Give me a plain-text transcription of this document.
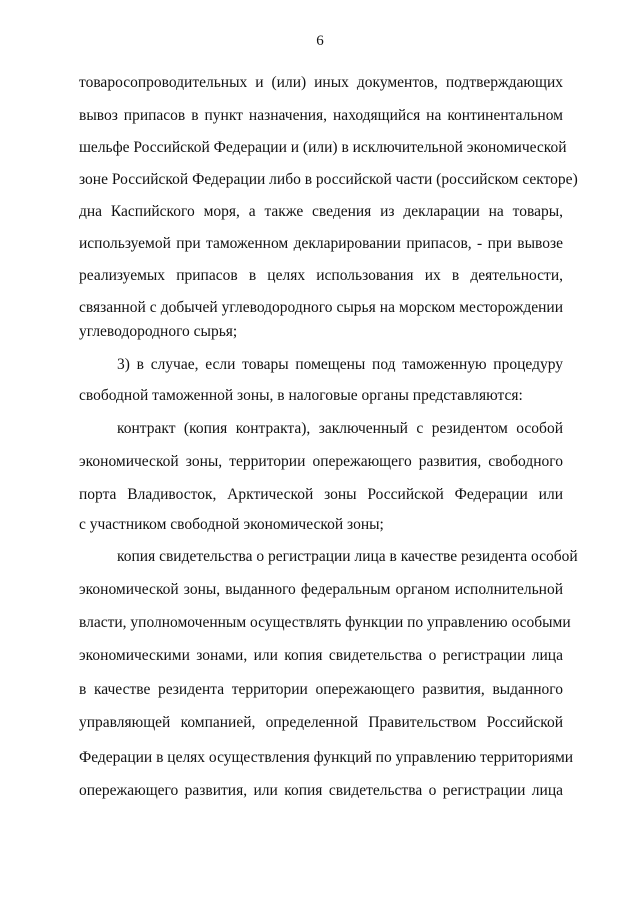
6
товаросопроводительных и (или) иных документов, подтверждающих
вывоз припасов в пункт назначения, находящийся на континентальном
шельфе Российской Федерации и (или) в исключительной экономической
зоне Российской Федерации либо в российской части (российском секторе)
дна Каспийского моря, а также сведения из декларации на товары,
используемой при таможенном декларировании припасов, - при вывозе
реализуемых припасов в целях использования их в деятельности,
связанной с добычей углеводородного сырья на морском месторождении
углеводородного сырья;
3) в случае, если товары помещены под таможенную процедуру
свободной таможенной зоны, в налоговые органы представляются:
контракт (копия контракта), заключенный с резидентом особой
экономической зоны, территории опережающего развития, свободного
порта Владивосток, Арктической зоны Российской Федерации или
с участником свободной экономической зоны;
копия свидетельства о регистрации лица в качестве резидента особой
экономической зоны, выданного федеральным органом исполнительной
власти, уполномоченным осуществлять функции по управлению особыми
экономическими зонами, или копия свидетельства о регистрации лица
в качестве резидента территории опережающего развития, выданного
управляющей компанией, определенной Правительством Российской
Федерации в целях осуществления функций по управлению территориями
опережающего развития, или копия свидетельства о регистрации лица
